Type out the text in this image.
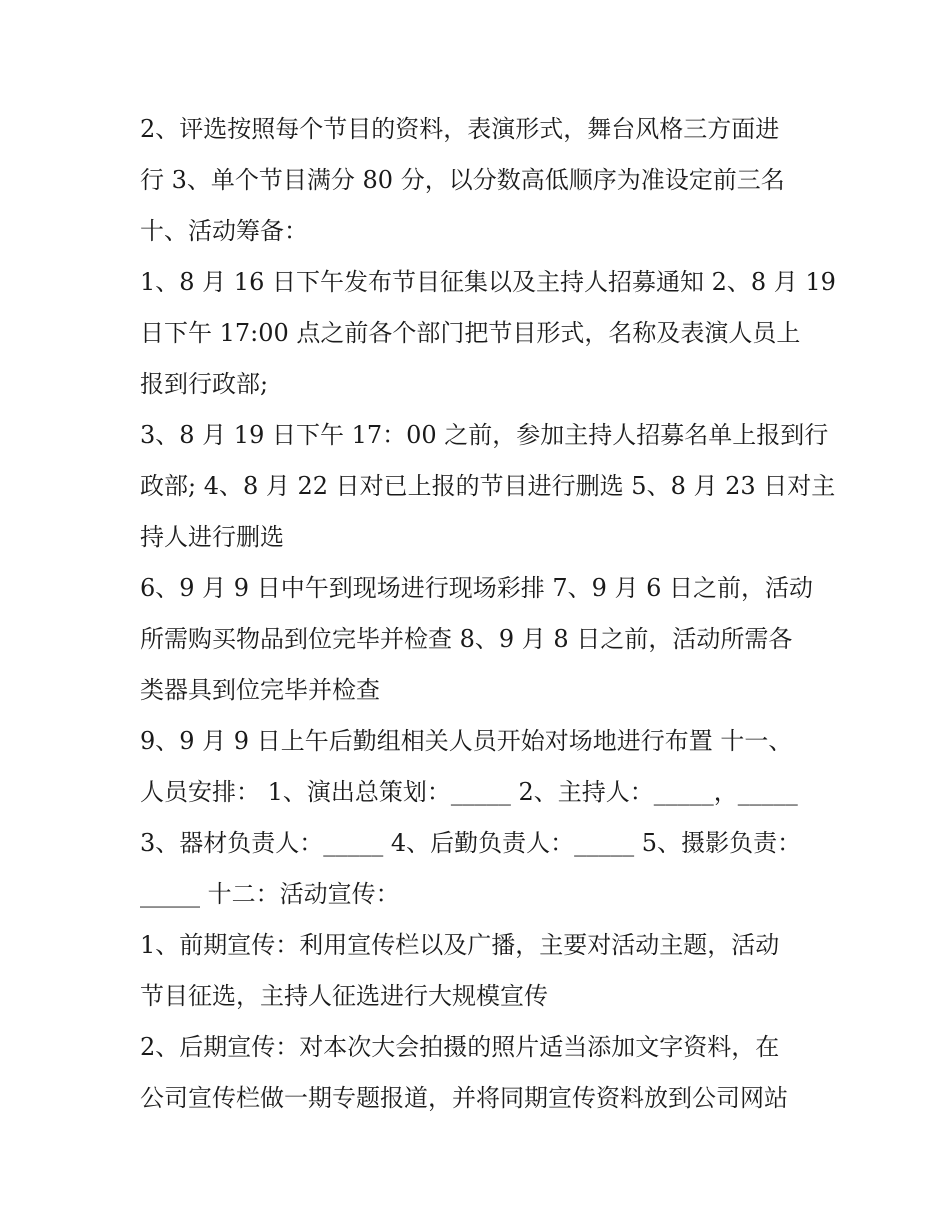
2、评选按照每个节目的资料，表演形式，舞台风格三方面进
行 3、单个节目满分 80 分，以分数高低顺序为准设定前三名
十、活动筹备：
1、8 月 16 日下午发布节目征集以及主持人招募通知 2、8 月 19
日下午 17:00 点之前各个部门把节目形式，名称及表演人员上
报到行政部;
3、8 月 19 日下午 17：00 之前，参加主持人招募名单上报到行
政部; 4、8 月 22 日对已上报的节目进行删选 5、8 月 23 日对主
持人进行删选
6、9 月 9 日中午到现场进行现场彩排 7、9 月 6 日之前，活动
所需购买物品到位完毕并检查 8、9 月 8 日之前，活动所需各
类器具到位完毕并检查
9、9 月 9 日上午后勤组相关人员开始对场地进行布置 十一、
人员安排： 1、演出总策划：_____ 2、主持人：_____，_____
3、器材负责人：_____ 4、后勤负责人：_____ 5、摄影负责：
_____ 十二：活动宣传：
1、前期宣传：利用宣传栏以及广播，主要对活动主题，活动
节目征选，主持人征选进行大规模宣传
2、后期宣传：对本次大会拍摄的照片适当添加文字资料，在
公司宣传栏做一期专题报道，并将同期宣传资料放到公司网站
